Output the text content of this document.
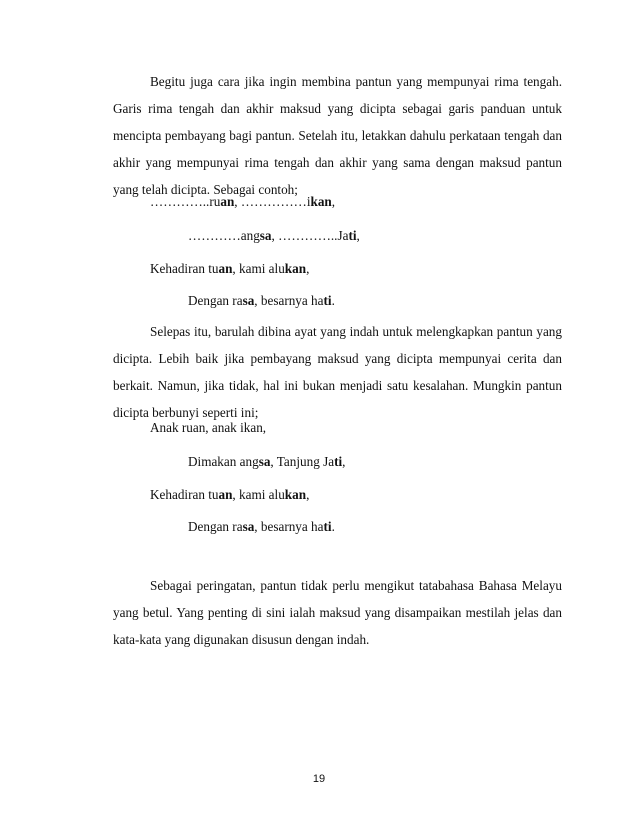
Begitu juga cara jika ingin membina pantun yang mempunyai rima tengah. Garis rima tengah dan akhir maksud yang dicipta sebagai garis panduan untuk mencipta pembayang bagi pantun. Setelah itu, letakkan dahulu perkataan tengah dan akhir yang mempunyai rima tengah dan akhir yang sama dengan maksud pantun yang telah dicipta. Sebagai contoh;

…………..ruan, ……………ikan,

…………angsa, …………..Jati,

Kehadiran tuan, kami alukan,

Dengan rasa, besarnya hati.

Selepas itu, barulah dibina ayat yang indah untuk melengkapkan pantun yang dicipta. Lebih baik jika pembayang maksud yang dicipta mempunyai cerita dan berkait. Namun, jika tidak, hal ini bukan menjadi satu kesalahan. Mungkin pantun dicipta berbunyi seperti ini;

Anak ruan, anak ikan,

Dimakan angsa, Tanjung Jati,

Kehadiran tuan, kami alukan,

Dengan rasa, besarnya hati.

Sebagai peringatan, pantun tidak perlu mengikut tatabahasa Bahasa Melayu yang betul. Yang penting di sini ialah maksud yang disampaikan mestilah jelas dan kata-kata yang digunakan disusun dengan indah.

19
